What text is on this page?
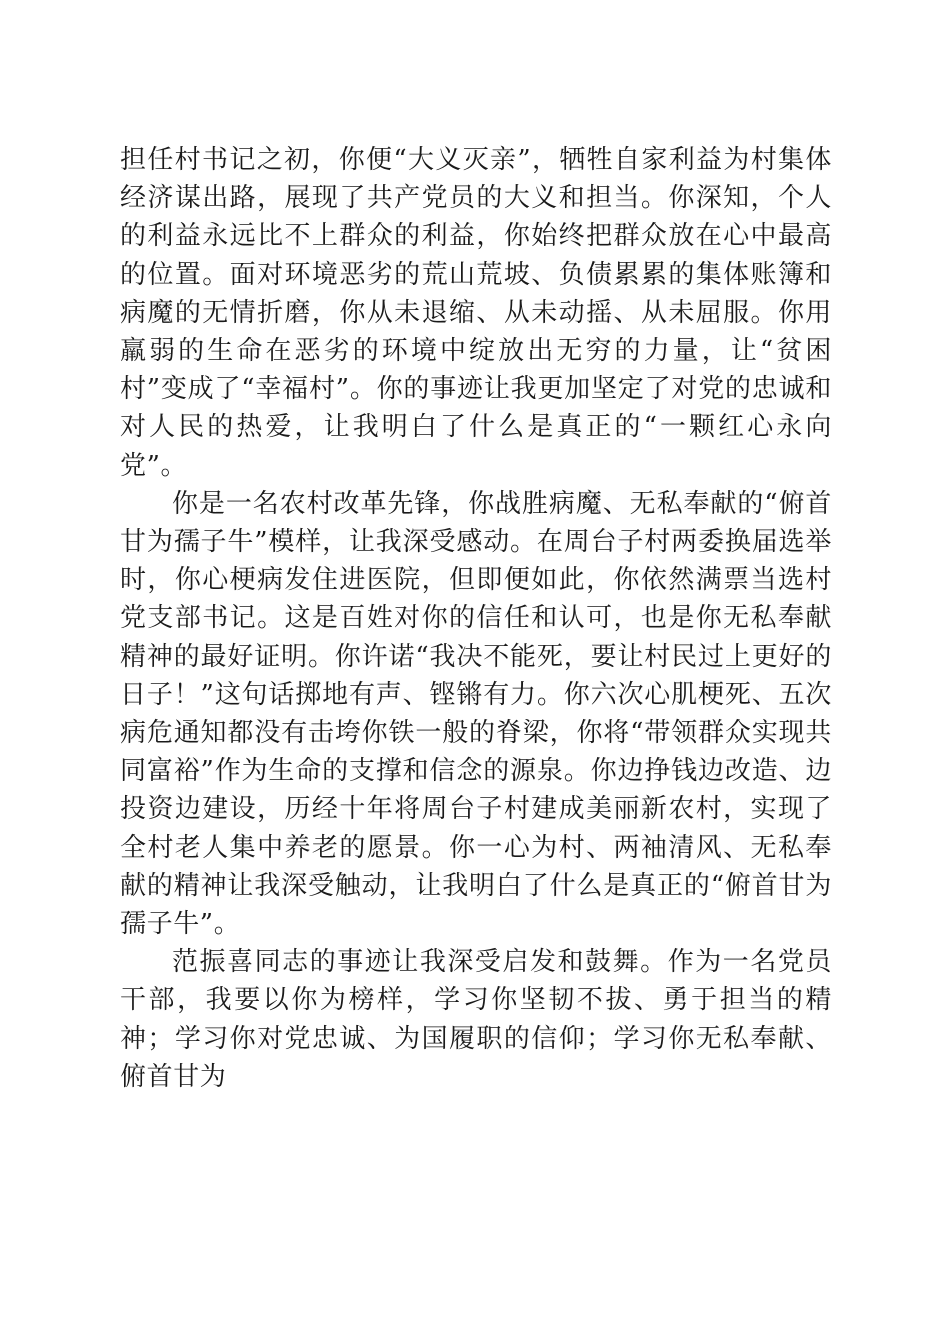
担任村书记之初，你便“大义灭亲”，牺牲自家利益为村集体经济谋出路，展现了共产党员的大义和担当。你深知，个人的利益永远比不上群众的利益，你始终把群众放在心中最高的位置。面对环境恶劣的荒山荒坡、负债累累的集体账簿和病魔的无情折磨，你从未退缩、从未动摇、从未屈服。你用羸弱的生命在恶劣的环境中绽放出无穷的力量，让“贫困村”变成了“幸福村”。你的事迹让我更加坚定了对党的忠诚和对人民的热爱，让我明白了什么是真正的“一颗红心永向党”。

你是一名农村改革先锋，你战胜病魔、无私奉献的“俯首甘为孺子牛”模样，让我深受感动。在周台子村两委换届选举时，你心梗病发住进医院，但即便如此，你依然满票当选村党支部书记。这是百姓对你的信任和认可，也是你无私奉献精神的最好证明。你许诺“我决不能死，要让村民过上更好的日子！”这句话掷地有声、铿锵有力。你六次心肌梗死、五次病危通知都没有击垮你铁一般的脊梁，你将“带领群众实现共同富裕”作为生命的支撑和信念的源泉。你边挣钱边改造、边投资边建设，历经十年将周台子村建成美丽新农村，实现了全村老人集中养老的愿景。你一心为村、两袖清风、无私奉献的精神让我深受触动，让我明白了什么是真正的“俯首甘为孺子牛”。

范振喜同志的事迹让我深受启发和鼓舞。作为一名党员干部，我要以你为榜样，学习你坚韧不拔、勇于担当的精神；学习你对党忠诚、为国履职的信仰；学习你无私奉献、俯首甘为
